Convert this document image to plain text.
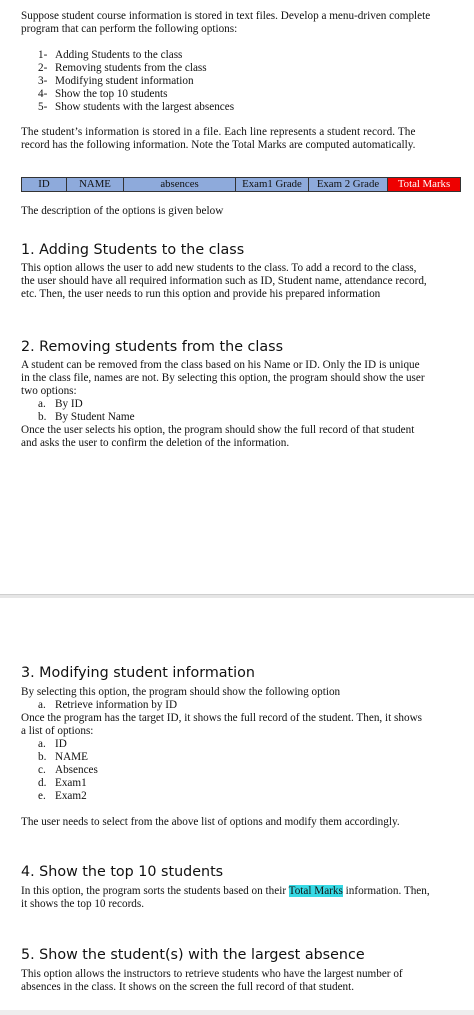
Suppose student course information is stored in text files. Develop a menu-driven complete
program that can perform the following options:
1- Adding Students to the class
2- Removing students from the class
3- Modifying student information
4- Show the top 10 students
5- Show students with the largest absences
The student’s information is stored in a file. Each line represents a student record. The
record has the following information. Note the Total Marks are computed automatically.
ID	NAME	absences	Exam1 Grade	Exam 2 Grade	Total Marks
The description of the options is given below
1. Adding Students to the class
This option allows the user to add new students to the class. To add a record to the class,
the user should have all required information such as ID, Student name, attendance record,
etc. Then, the user needs to run this option and provide his prepared information
2. Removing students from the class
A student can be removed from the class based on his Name or ID. Only the ID is unique
in the class file, names are not. By selecting this option, the program should show the user
two options:
a. By ID
b. By Student Name
Once the user selects his option, the program should show the full record of that student
and asks the user to confirm the deletion of the information.
3. Modifying student information
By selecting this option, the program should show the following option
a. Retrieve information by ID
Once the program has the target ID, it shows the full record of the student. Then, it shows
a list of options:
a. ID
b. NAME
c. Absences
d. Exam1
e. Exam2
The user needs to select from the above list of options and modify them accordingly.
4. Show the top 10 students
In this option, the program sorts the students based on their Total Marks information. Then,
it shows the top 10 records.
5. Show the student(s) with the largest absence
This option allows the instructors to retrieve students who have the largest number of
absences in the class. It shows on the screen the full record of that student.
